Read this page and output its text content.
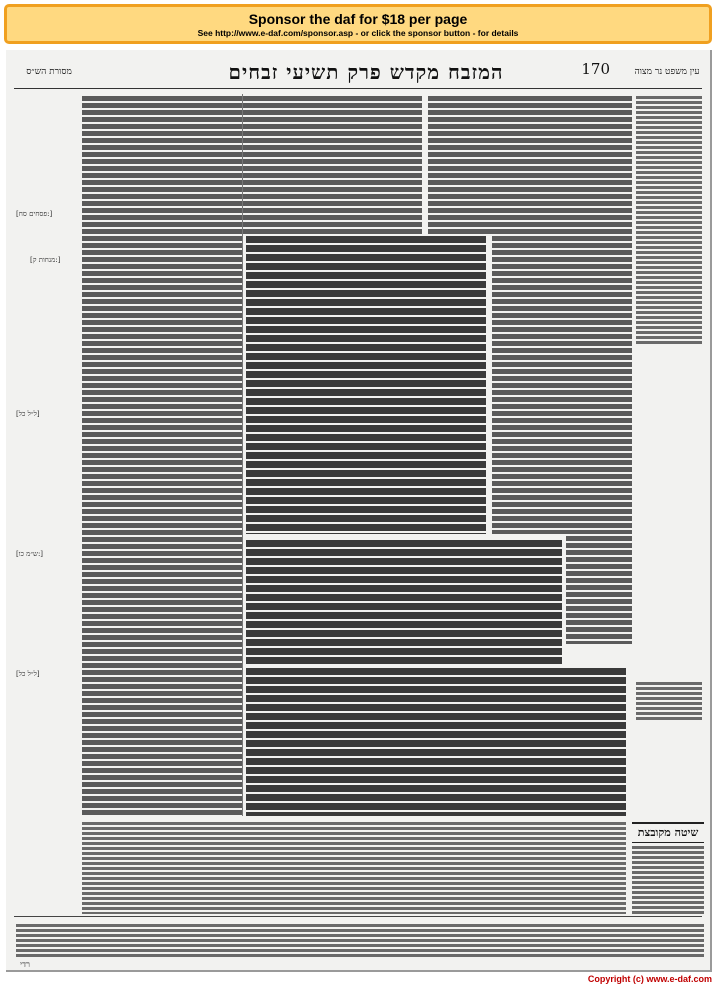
Sponsor the daf for $18 per page
See http://www.e-daf.com/sponsor.asp - or click the sponsor button - for details
170
המזבח מקדש פרק תשיעי זבחים	עין משפט נר מצוה
מסורת הש״ס
[פסחים סח:]
[מנחות ק:]
[ל״ל כל]
[ש״מ כו:]
[ל״ל כל]
שיטה מקובצת
רדי
Copyright (c) www.e-daf.com
